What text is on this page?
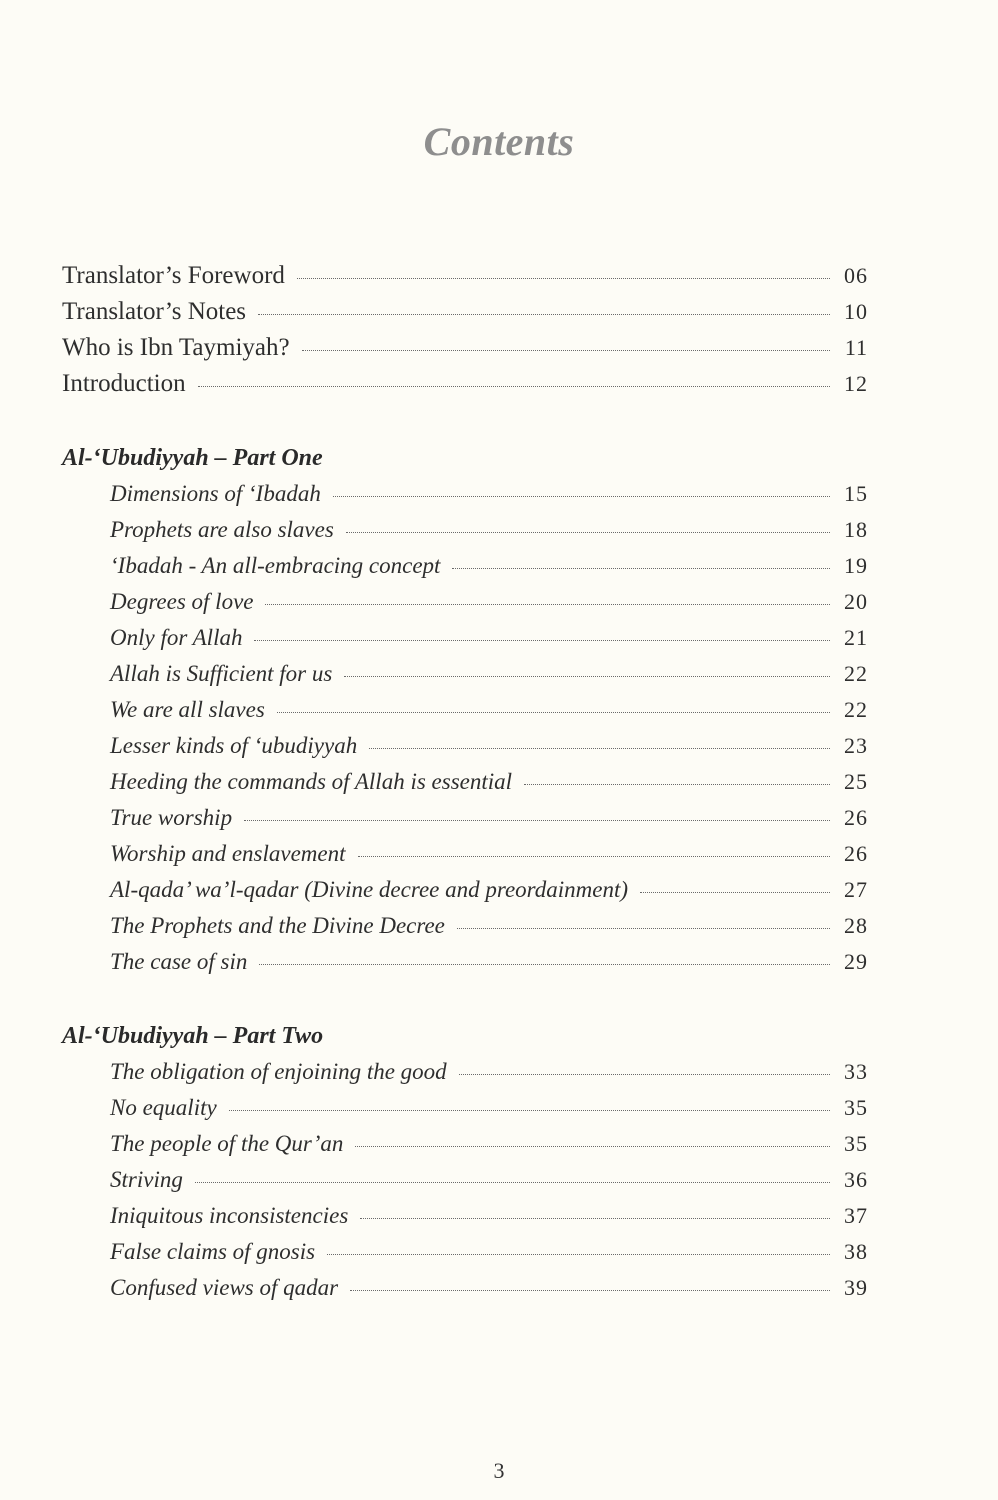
Contents
Translator’s Foreword	06
Translator’s Notes	10
Who is Ibn Taymiyah?	11
Introduction	12
Al-‘Ubudiyyah – Part One
Dimensions of ‘Ibadah	15
Prophets are also slaves	18
‘Ibadah - An all-embracing concept	19
Degrees of love	20
Only for Allah	21
Allah is Sufficient for us	22
We are all slaves	22
Lesser kinds of ‘ubudiyyah	23
Heeding the commands of Allah is essential	25
True worship	26
Worship and enslavement	26
Al-qada’ wa’l-qadar (Divine decree and preordainment)	27
The Prophets and the Divine Decree	28
The case of sin	29
Al-‘Ubudiyyah – Part Two
The obligation of enjoining the good	33
No equality	35
The people of the Qur’an	35
Striving	36
Iniquitous inconsistencies	37
False claims of gnosis	38
Confused views of qadar	39
3
